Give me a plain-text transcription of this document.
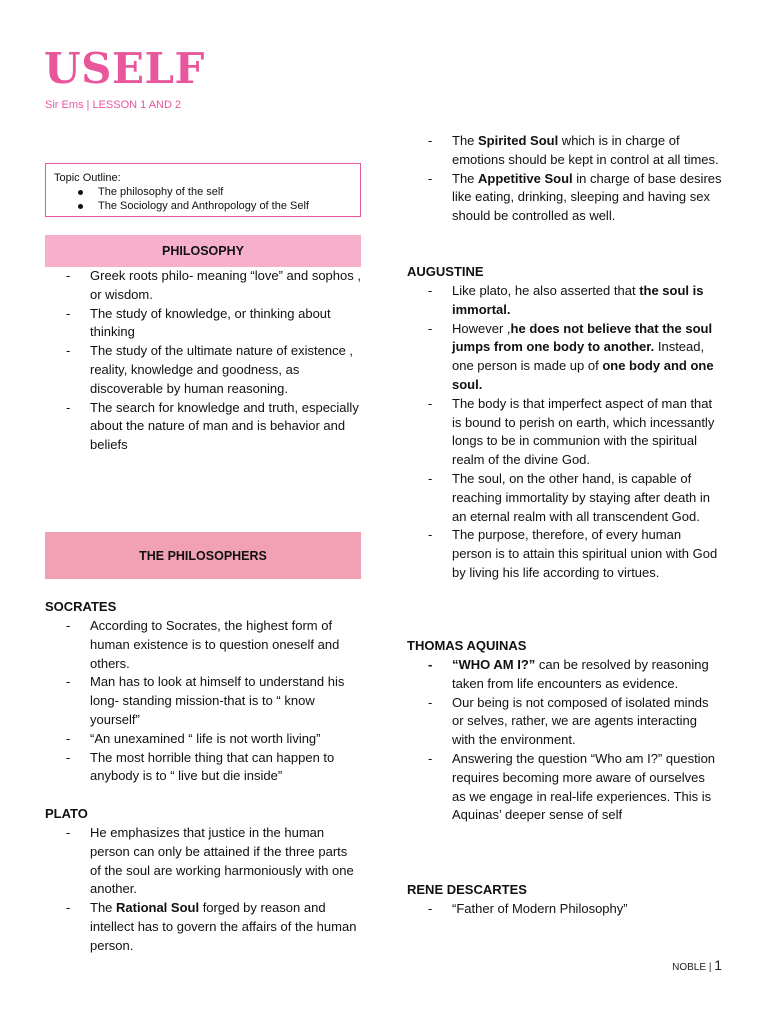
USELF
Sir Ems | LESSON 1 AND 2
Topic Outline:
The philosophy of the self
The Sociology and Anthropology of the Self
PHILOSOPHY
- Greek roots philo- meaning “love” and sophos , or wisdom.
- The study of knowledge, or thinking about thinking
- The study of the ultimate nature of existence , reality, knowledge and goodness, as discoverable by human reasoning.
- The search for knowledge and truth, especially about the nature of man and is behavior and beliefs
THE PHILOSOPHERS
SOCRATES
- According to Socrates, the highest form of human existence is to question oneself and others.
- Man has to look at himself to understand his long- standing mission-that is to “ know yourself”
- “An unexamined “ life is not worth living”
- The most horrible thing that can happen to anybody is to “ live but die inside”
PLATO
- He emphasizes that justice in the human person can only be attained if the three parts of the soul are working harmoniously with one another.
- The Rational Soul forged by reason and intellect has to govern the affairs of the human person.
- The Spirited Soul which is in charge of emotions should be kept in control at all times.
- The Appetitive Soul in charge of base desires like eating, drinking, sleeping and having sex should be controlled as well.
AUGUSTINE
- Like plato, he also asserted that the soul is immortal.
- However ,he does not believe that the soul jumps from one body to another. Instead, one person is made up of one body and one soul.
- The body is that imperfect aspect of man that is bound to perish on earth, which incessantly longs to be in communion with the spiritual realm of the divine God.
- The soul, on the other hand, is capable of reaching immortality by staying after death in an eternal realm with all transcendent God.
- The purpose, therefore, of every human person is to attain this spiritual union with God by living his life according to virtues.
THOMAS AQUINAS
- “WHO AM I?” can be resolved by reasoning taken from life encounters as evidence.
- Our being is not composed of isolated minds or selves, rather, we are agents interacting with the environment.
- Answering the question “Who am I?” question requires becoming more aware of ourselves as we engage in real-life experiences. This is Aquinas’ deeper sense of self
RENE DESCARTES
- “Father of Modern Philosophy”
NOBLE | 1
